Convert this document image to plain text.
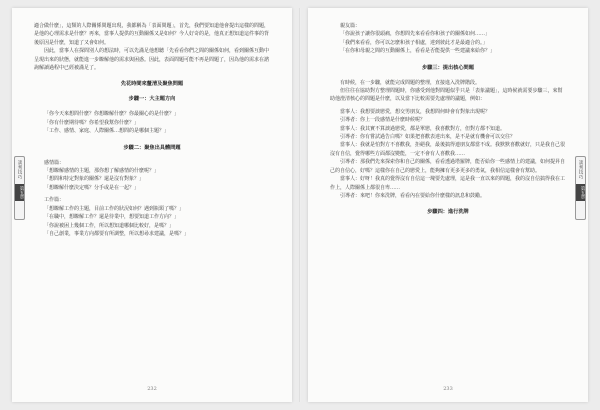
談判技巧
第五章

適合做什麼」，這類的人際關係問題出現，我都稱為「表面問題」，首先，我們要知道他會提出這樣的問題，是他的心理需求是什麼？再來，當事人提供的互動關係又是如何？今人好奇的是，他真正想知道這件事的背後原因是什麼，知道了又會如何。

因此，當事人在探問別人的想法時，可以先滿足他想聽「先看看你們之間的關係如何，看到關係互動中呈現出來的狀態，就能進一步瞭解他的需求與困惑。因此，表面問題可能不再是問題了，因為他的需求在諮詢解讀過程中已經被滿足了。

先花時間來釐清及聚焦問題
步驟一：大主題方向

「你今天來想問什麼？你想瞭解什麼？你最關心的是什麼？」

「你有什麼期待嗎？你希望我幫你什麼？」

「工作、感情、家庭、人際關係…想問的是哪個主題？」

步驟二：聚焦出具體問題

感情篇：

「想瞭解感情的主題，那你想了解感情的什麼呢？」

「想問和特定對象的關係？還是沒有對象？」

「想瞭解什麼決定嗎？分手或是在一起？」

工作篇：

「想瞭解工作的主題，目前工作的狀況如何？遇到瓶頸了嗎？」

「在職中，想瞭解工作？還是待業中，想要知道工作方向？」

「你說被困上幾個工作，所以想知道哪個比較好，是嗎？」

「自己創業，事業方向都要有所調整，所以想尋求建議，是嗎？」

232
談判技巧
第五章

親友篇：

「你說孩子讓你很頭痛，你想問先來看看你和孩子的關係如何……」

「我們來看看，你可以怎麼和孩子相處，達到彼此才是最適合的。」

「在你和母親之間的互動關係上，看看是否能提供一些建議來給你？」

步驟三：提出核心問題

有時候，在一步驟，就能完成問題的整理，直接進入洗牌階段。

但往往在協助對方整理問題時，你感受到他對問題似乎只是「表象議題」，這時候就需要步驟三，來幫助他澄清核心的問題是什麼，以及當下比較需要先處理的議題，例如：

當事人：我想要談戀愛，想交男朋友，我想問何時會有對象出現呢？

引導者：你上一段感情是什麼時候呢？

當事人：我其實不算談過戀愛，都是單戀，我喜歡對方，但對方都不知道。

引導者：你有嘗試過告白嗎？如果把喜歡表達出來，是不是就有機會可以交往？

當事人：我就是怕對方不喜歡我，拒絕我，最後搞得連朋友都當不成。我默默喜歡就好，只是我自己很沒有自信，覺得哪些方面都沒變能，一定不會有人喜歡我……

引導者：那我們先來探索你和自己的關係，看看透過塔羅牌，能否給你一些感情上的建議，如何提昇自己的自信心，好嗎？這樣你在自己的戀愛上，能夠擁有更多更多的勇氣，我相信這樣會有幫助。

當事人：好呀！我真的覺得沒有自信這一塊要先處理，這是我一直以來的問題，我的沒自信搞得我在工作上，人際關係上都很自卑……

引導者：來吧！你來洗牌，看看內在要給你什麼樣的訊息和鼓勵。

步驟四：進行洗牌
233
